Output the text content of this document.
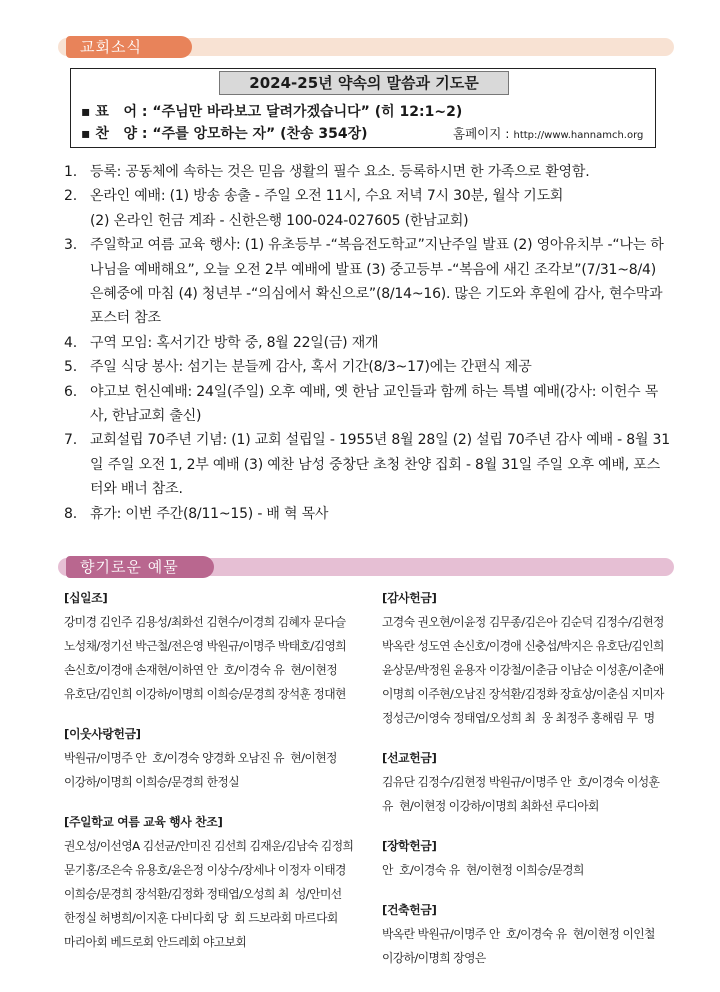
교회소식
2024-25년 약속의 말씀과 기도문
▪ 표   어 : “주님만 바라보고 달려가겠습니다” (히 12:1~2)
▪ 찬   양 : “주를 앙모하는 자” (찬송 354장)	홈페이지 : http://www.hannamch.org
1. 등록: 공동체에 속하는 것은 믿음 생활의 필수 요소. 등록하시면 한 가족으로 환영함.
2. 온라인 예배: (1) 방송 송출 - 주일 오전 11시, 수요 저녁 7시 30분, 월삭 기도회
(2) 온라인 헌금 계좌 - 신한은행 100-024-027605 (한남교회)
3. 주일학교 여름 교육 행사: (1) 유초등부 -“복음전도학교”지난주일 발표 (2) 영아유치부 -“나는 하나님을 예배해요”, 오늘 오전 2부 예배에 발표 (3) 중고등부 -“복음에 새긴 조각보”(7/31~8/4) 은혜중에 마침 (4) 청년부 -“의심에서 확신으로”(8/14~16). 많은 기도와 후원에 감사, 현수막과 포스터 참조
4. 구역 모임: 혹서기간 방학 중, 8월 22일(금) 재개
5. 주일 식당 봉사: 섬기는 분들께 감사, 혹서 기간(8/3~17)에는 간편식 제공
6. 야고보 헌신예배: 24일(주일) 오후 예배, 옛 한남 교인들과 함께 하는 특별 예배(강사: 이헌수 목사, 한남교회 출신)
7. 교회설립 70주년 기념: (1) 교회 설립일 - 1955년 8월 28일 (2) 설립 70주년 감사 예배 - 8월 31일 주일 오전 1, 2부 예배 (3) 예찬 남성 중창단 초청 찬양 집회 - 8월 31일 주일 오후 예배, 포스터와 배너 참조.
8. 휴가: 이번 주간(8/11~15) - 배 혁 목사
향기로운 예물
[십일조]
강미경 김인주 김용성/최화선 김현수/이경희 김혜자 문다슬
노성채/정기선 박근철/전은영 박원규/이명주 박태호/김영희
손신호/이경애 손재현/이하연 안  호/이경숙 유  현/이현정
유호단/김인희 이강하/이명희 이희승/문경희 장석훈 정대현
[이웃사랑헌금]
박원규/이명주 안  호/이경숙 양경화 오남진 유  현/이현정
이강하/이명희 이희승/문경희 한정실
[주일학교 여름 교육 행사 찬조]
권오성/이선영A 김선균/안미진 김선희 김재운/김남숙 김정희
문기홍/조은숙 유용호/윤은정 이상수/장세나 이정자 이태경
이희승/문경희 장석환/김정화 정태엽/오성희 최  성/안미선
한정실 허병희/이지훈 다비다회 당  회 드보라회 마르다회
마리아회 베드로회 안드레회 야고보회
[감사헌금]
고경숙 권오현/이윤정 김무종/김은아 김순덕 김정수/김현정
박옥란 성도연 손신호/이경애 신충섭/박지은 유호단/김인희
윤상문/박정원 윤용자 이강철/이춘금 이남순 이성훈/이춘애
이명희 이주현/오남진 장석환/김정화 장효상/이춘심 지미자
정성근/이영숙 정태엽/오성희 최  웅 최정주 홍해림 무  명
[선교헌금]
김유단 김정수/김현정 박원규/이명주 안  호/이경숙 이성훈
유  현/이현정 이강하/이명희 최화선 루디아회
[장학헌금]
안  호/이경숙 유  현/이현정 이희승/문경희
[건축헌금]
박옥란 박원규/이명주 안  호/이경숙 유  현/이현정 이인철
이강하/이명희 장영은
